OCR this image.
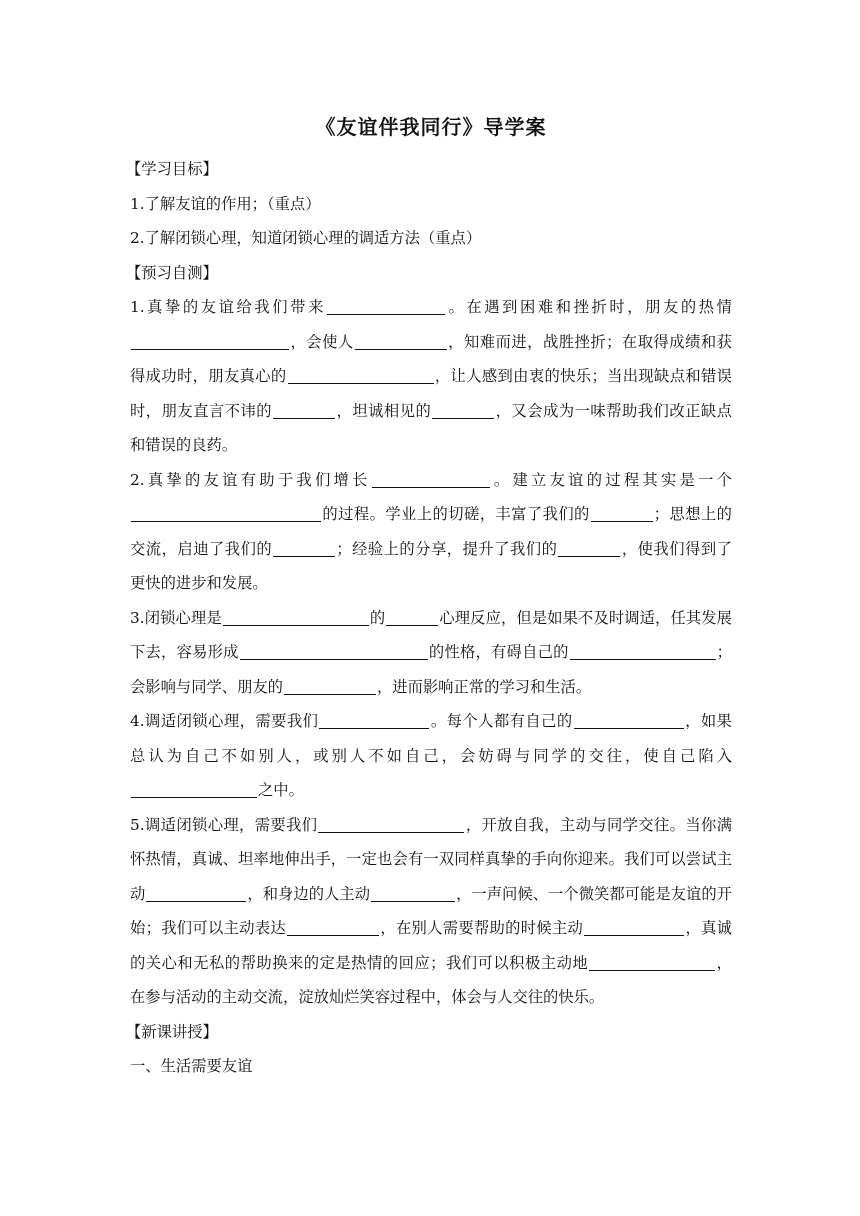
《友谊伴我同行》导学案

【学习目标】

1.了解友谊的作用；（重点）

2.了解闭锁心理，知道闭锁心理的调适方法（重点）

【预习自测】

1.真挚的友谊给我们带来	。在遇到困难和挫折时，朋友的热情，会使人	，知难而进，战胜挫折；在取得成绩和获得成功时，朋友真心的	，让人感到由衷的快乐；当出现缺点和错误时，朋友直言不讳的	，坦诚相见的	，又会成为一味帮助我们改正缺点和错误的良药。

2.真挚的友谊有助于我们增长	。建立友谊的过程其实是一个的过程。学业上的切磋，丰富了我们的	；思想上的交流，启迪了我们的	；经验上的分享，提升了我们的	，使我们得到了更快的进步和发展。

3.闭锁心理是	的	心理反应，但是如果不及时调适，任其发展下去，容易形成	的性格，有碍自己的	；会影响与同学、朋友的	，进而影响正常的学习和生活。

4.调适闭锁心理，需要我们	。每个人都有自己的	，如果总认为自己不如别人，或别人不如自己，会妨碍与同学的交往，使自己陷入之中。

5.调适闭锁心理，需要我们	，开放自我，主动与同学交往。当你满怀热情，真诚、坦率地伸出手，一定也会有一双同样真挚的手向你迎来。我们可以尝试主动	，和身边的人主动	，一声问候、一个微笑都可能是友谊的开始；我们可以主动表达	，在别人需要帮助的时候主动	，真诚的关心和无私的帮助换来的定是热情的回应；我们可以积极主动地	，在参与活动的主动交流，淀放灿烂笑容过程中，体会与人交往的快乐。

【新课讲授】

一、生活需要友谊
